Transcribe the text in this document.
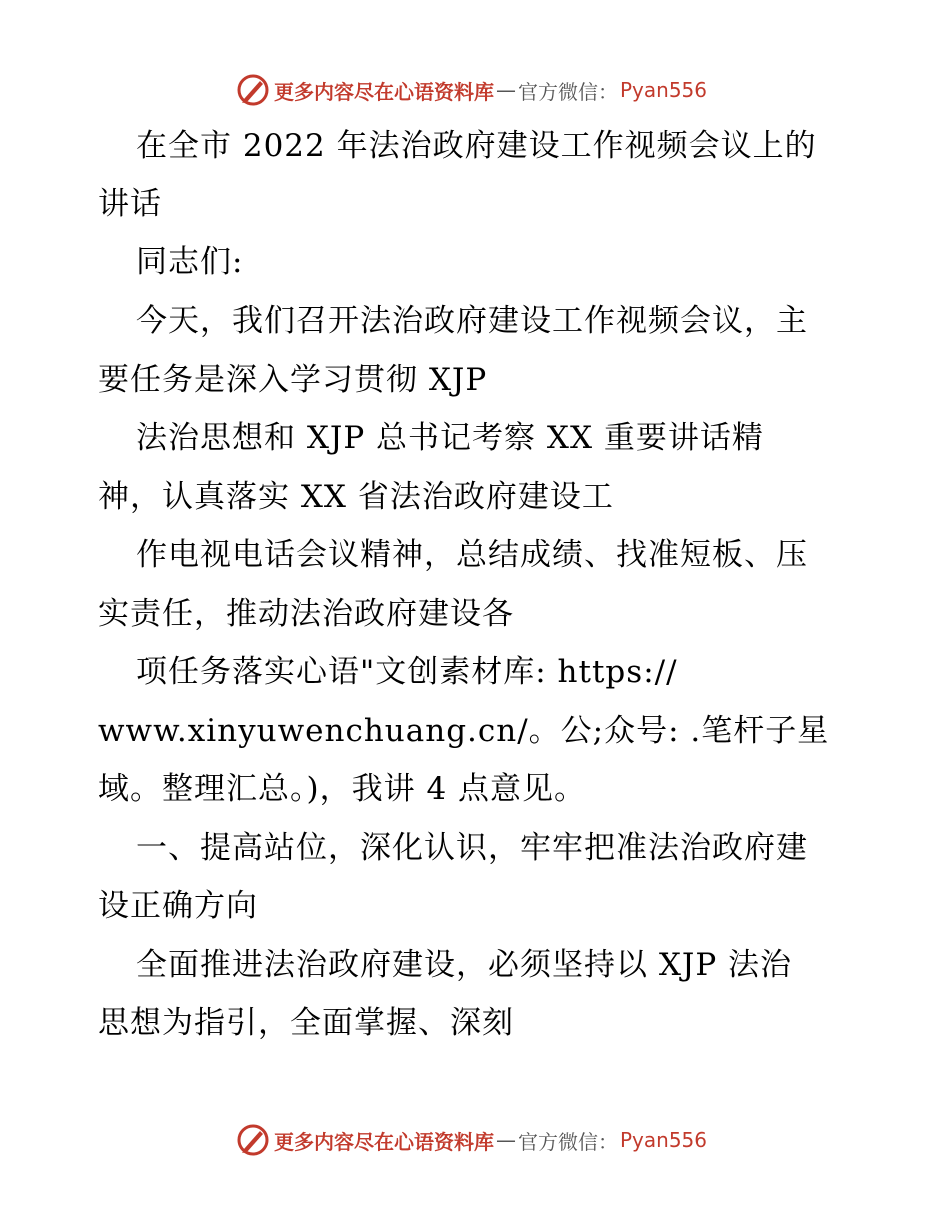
更多内容尽在心语资料库 — 官方微信： Pyan556
在全市 2022 年法治政府建设工作视频会议上的
讲话
同志们:
今天，我们召开法治政府建设工作视频会议，主
要任务是深入学习贯彻 XJP
法治思想和 XJP 总书记考察 XX 重要讲话精
神，认真落实 XX 省法治政府建设工
作电视电话会议精神，总结成绩、找准短板、压
实责任，推动法治政府建设各
项任务落实心语"文创素材库: https://
www.xinyuwenchuang.cn/。公;众号: .笔杆子星
域。整理汇总。)，我讲 4 点意见。
一、提高站位，深化认识，牢牢把准法治政府建
设正确方向
全面推进法治政府建设，必须坚持以 XJP 法治
思想为指引，全面掌握、深刻
更多内容尽在心语资料库 — 官方微信： Pyan556
